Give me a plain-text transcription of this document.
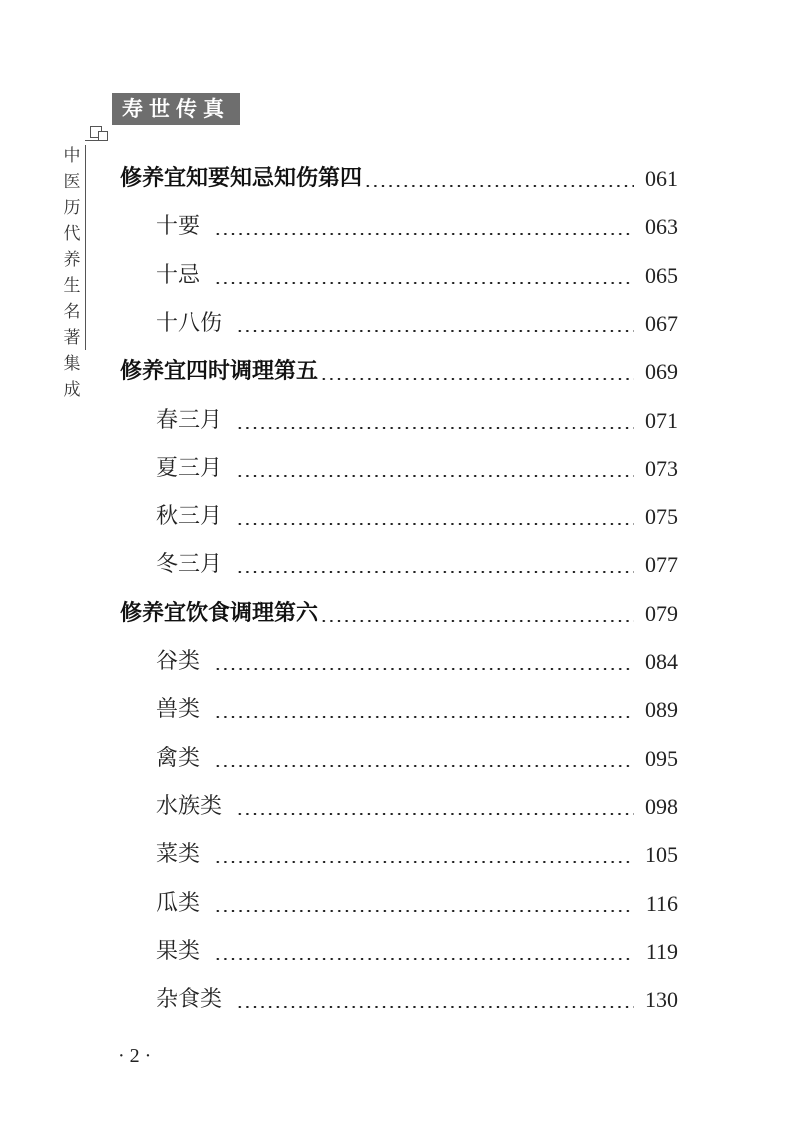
寿世传真
中
医
历
代
养
生
名
著
集
成
修养宜知要知忌知伤第四	061
十要	063
十忌	065
十八伤	067
修养宜四时调理第五	069
春三月	071
夏三月	073
秋三月	075
冬三月	077
修养宜饮食调理第六	079
谷类	084
兽类	089
禽类	095
水族类	098
菜类	105
瓜类	116
果类	119
杂食类	130
· 2 ·
